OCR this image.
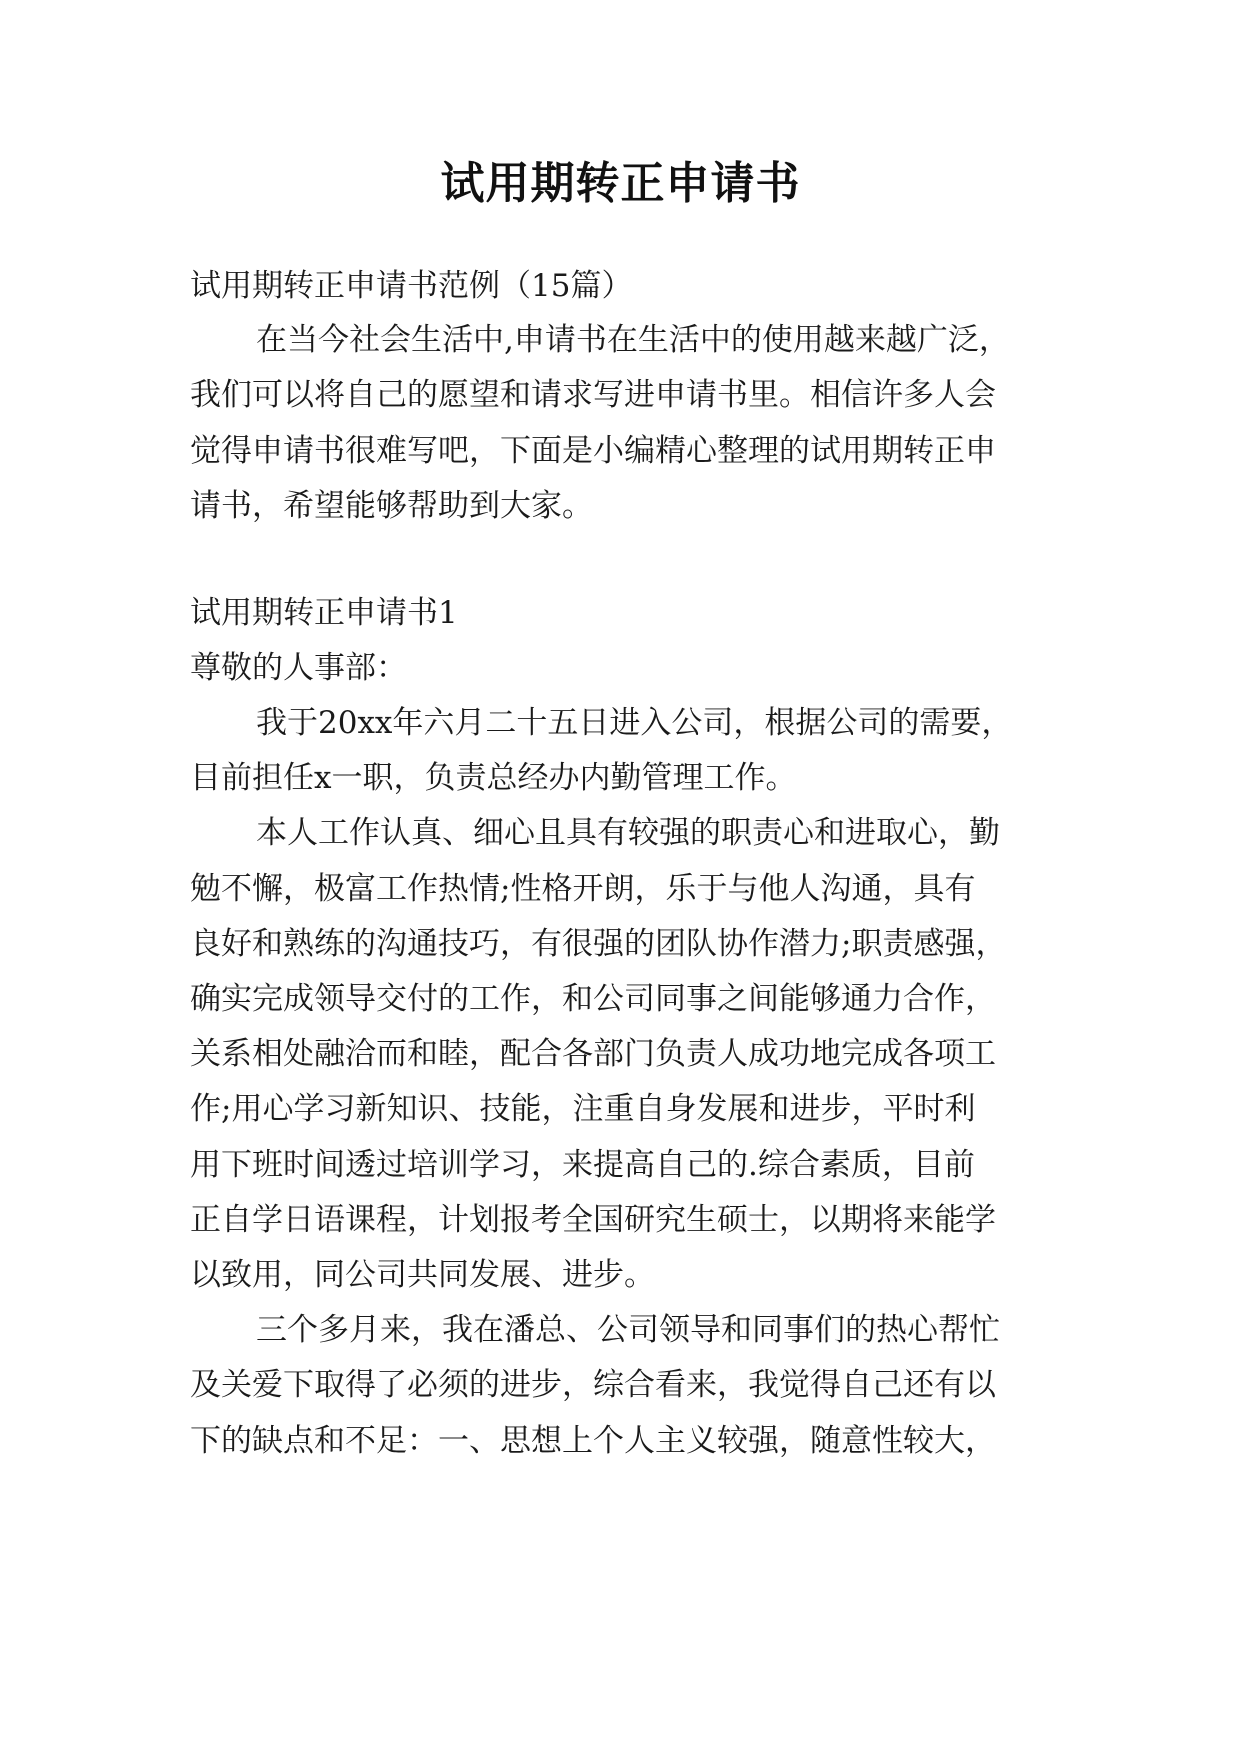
试用期转正申请书
试用期转正申请书范例（15篇）
在当今社会生活中,申请书在生活中的使用越来越广泛，
我们可以将自己的愿望和请求写进申请书里。相信许多人会
觉得申请书很难写吧，下面是小编精心整理的试用期转正申
请书，希望能够帮助到大家。
试用期转正申请书1
尊敬的人事部：
我于20xx年六月二十五日进入公司，根据公司的需要，
目前担任x一职，负责总经办内勤管理工作。
本人工作认真、细心且具有较强的职责心和进取心，勤
勉不懈，极富工作热情;性格开朗，乐于与他人沟通，具有
良好和熟练的沟通技巧，有很强的团队协作潜力;职责感强，
确实完成领导交付的工作，和公司同事之间能够通力合作，
关系相处融洽而和睦，配合各部门负责人成功地完成各项工
作;用心学习新知识、技能，注重自身发展和进步，平时利
用下班时间透过培训学习，来提高自己的.综合素质，目前
正自学日语课程，计划报考全国研究生硕士，以期将来能学
以致用，同公司共同发展、进步。
三个多月来，我在潘总、公司领导和同事们的热心帮忙
及关爱下取得了必须的进步，综合看来，我觉得自己还有以
下的缺点和不足：一、思想上个人主义较强，随意性较大，
